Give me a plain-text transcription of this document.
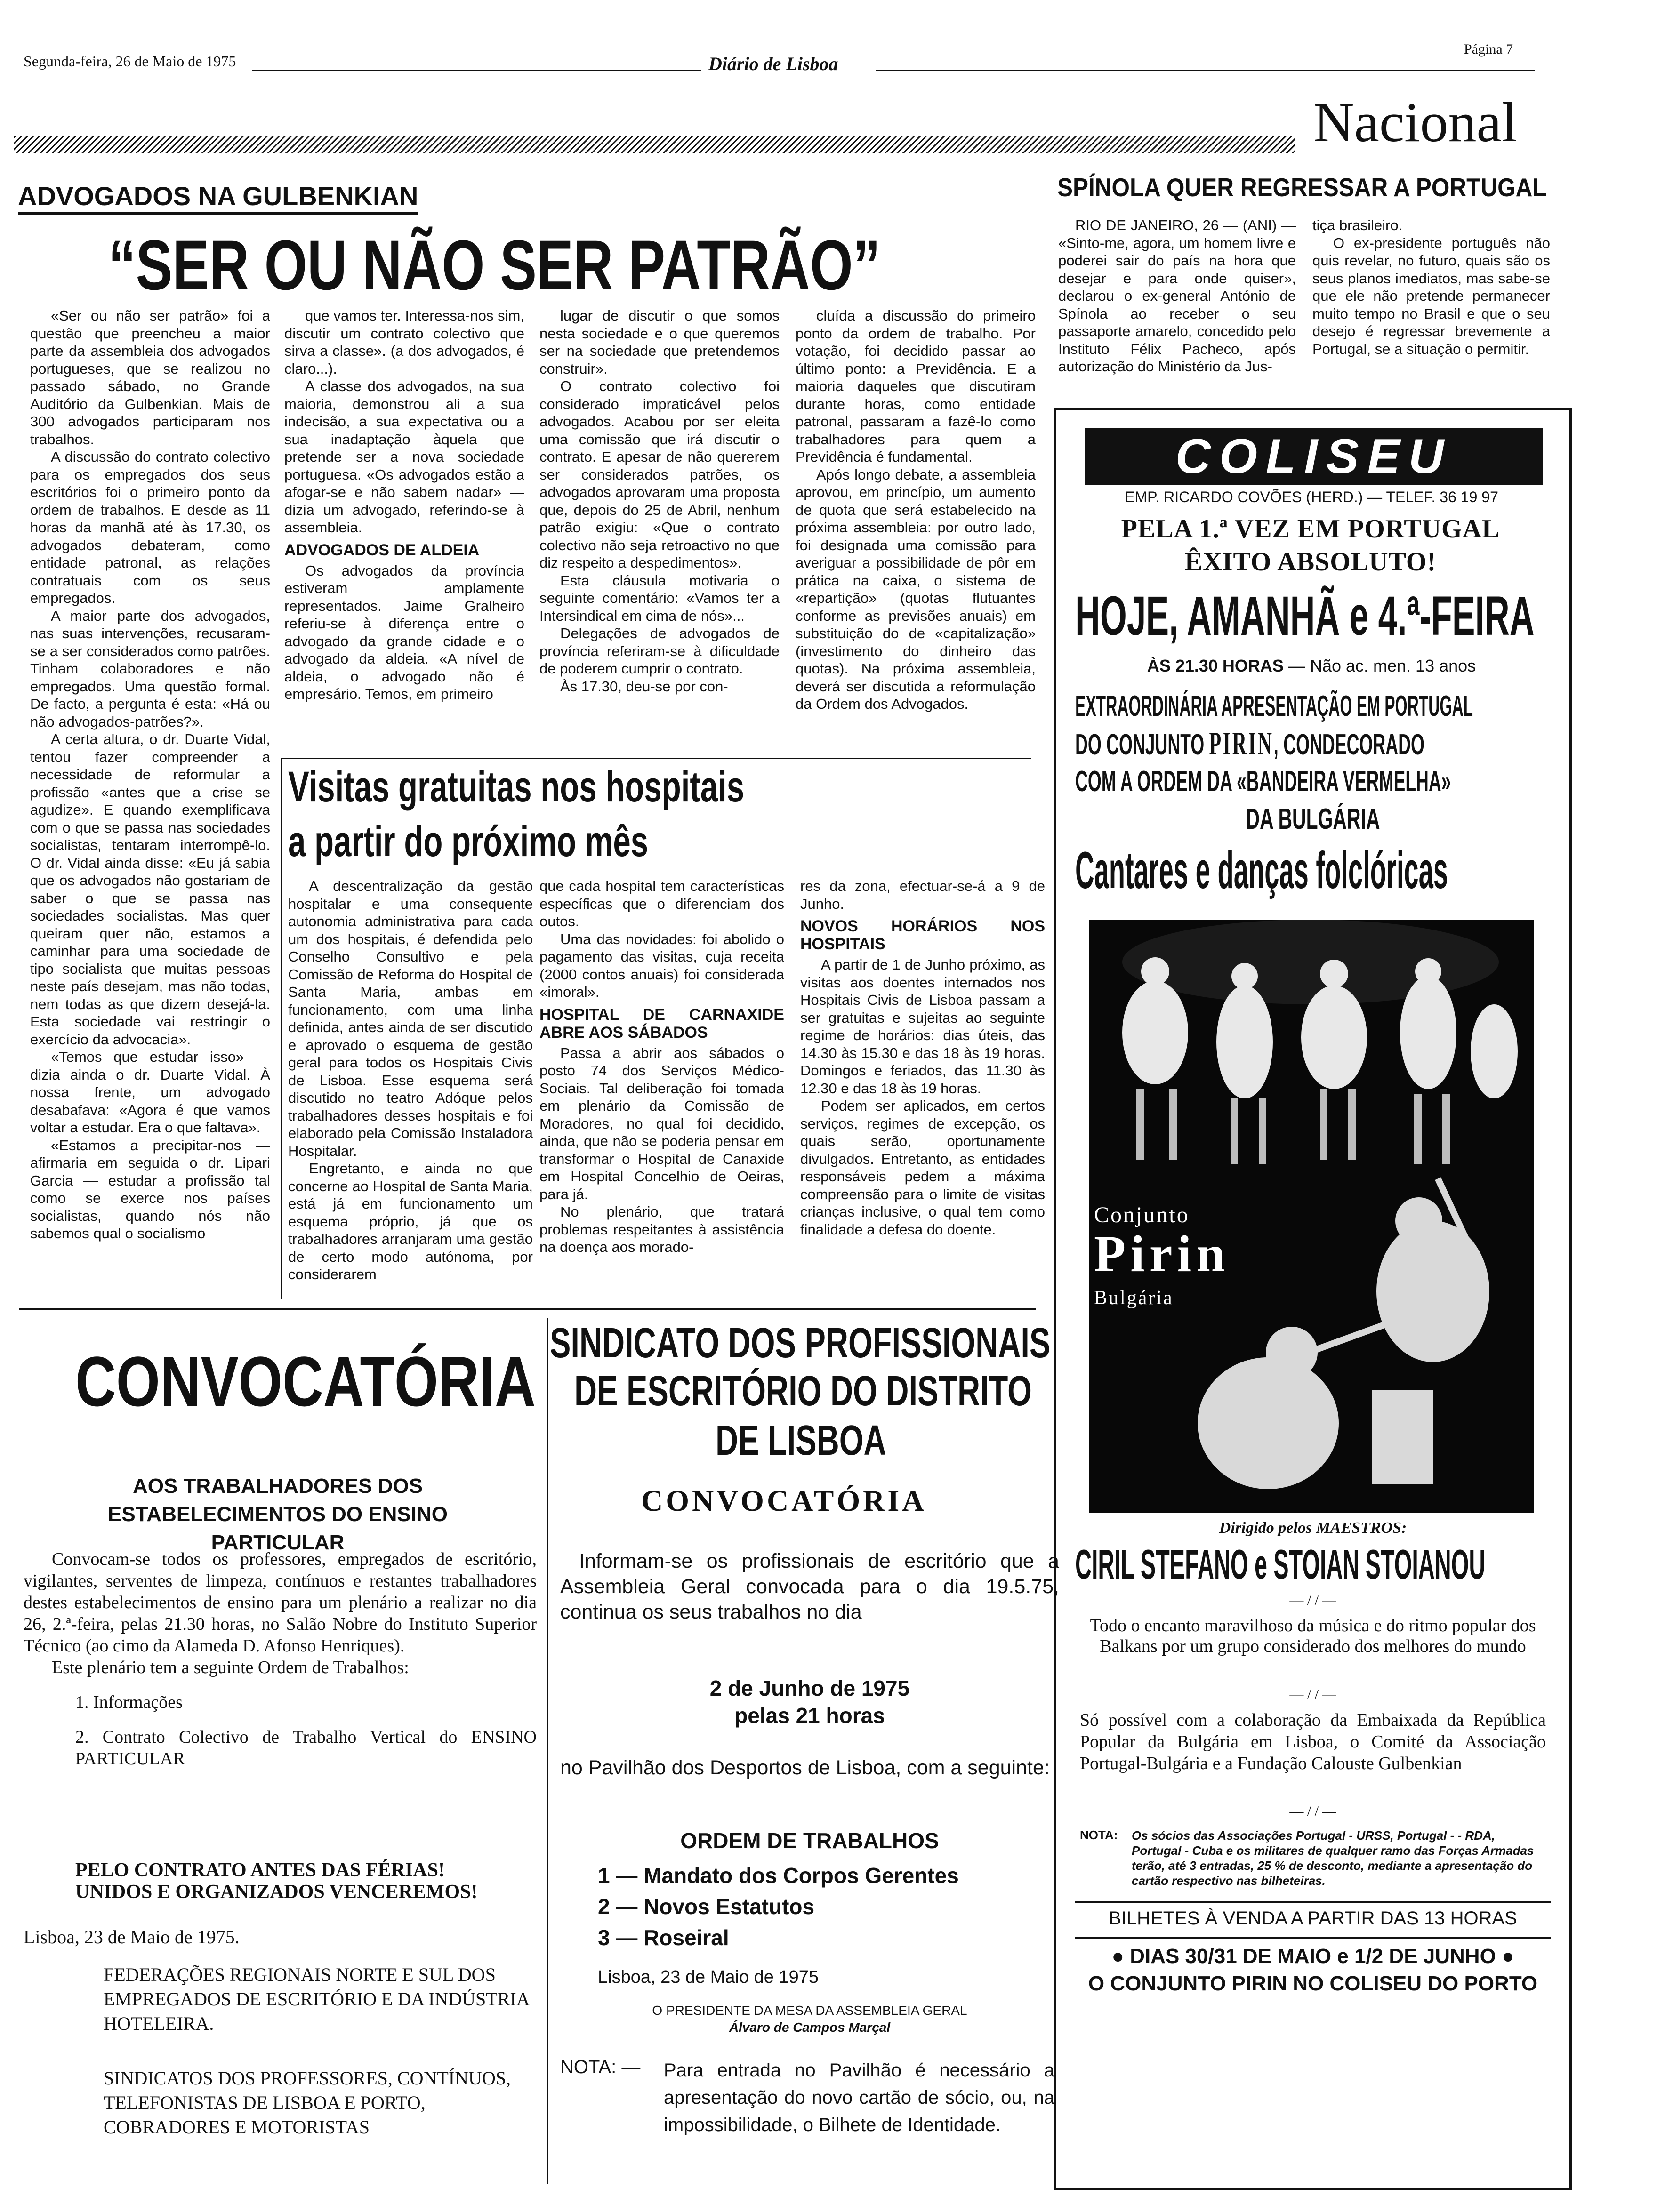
Segunda-feira, 26 de Maio de 1975	Diário de Lisboa
Página 7
Nacional
ADVOGADOS NA GULBENKIAN
“SER OU NÃO SER PATRÃO”

«Ser ou não ser patrão» foi a questão que preencheu a maior parte da assembleia dos advogados portugueses, que se realizou no passado sábado, no Grande Auditório da Gulbenkian. Mais de 300 advogados participaram nos trabalhos.

A discussão do contrato colectivo para os empregados dos seus escritórios foi o primeiro ponto da ordem de trabalhos. E desde as 11 horas da manhã até às 17.30, os advogados debateram, como entidade patronal, as relações contratuais com os seus empregados.

A maior parte dos advogados, nas suas intervenções, recusaram-se a ser considerados como patrões. Tinham colaboradores e não empregados. Uma questão formal. De facto, a pergunta é esta: «Há ou não advogados-patrões?».

A certa altura, o dr. Duarte Vidal, tentou fazer compreender a necessidade de reformular a profissão «antes que a crise se agudize». E quando exemplificava com o que se passa nas sociedades socialistas, tentaram interrompê-lo. O dr. Vidal ainda disse: «Eu já sabia que os advogados não gostariam de saber o que se passa nas sociedades socialistas. Mas quer queiram quer não, estamos a caminhar para uma sociedade de tipo socialista que muitas pessoas neste país desejam, mas não todas, nem todas as que dizem desejá-la. Esta sociedade vai restringir o exercício da advocacia».

«Temos que estudar isso» — dizia ainda o dr. Duarte Vidal. À nossa frente, um advogado desabafava: «Agora é que vamos voltar a estudar. Era o que faltava».

«Estamos a precipitar-nos — afirmaria em seguida o dr. Lipari Garcia — estudar a profissão tal como se exerce nos países socialistas, quando nós não sabemos qual o socialismo

que vamos ter. Interessa-nos sim, discutir um contrato colectivo que sirva a classe». (a dos advogados, é claro...).

A classe dos advogados, na sua maioria, demonstrou ali a sua indecisão, a sua expectativa ou a sua inadaptação àquela que pretende ser a nova sociedade portuguesa. «Os advogados estão a afogar-se e não sabem nadar» — dizia um advogado, referindo-se à assembleia.

ADVOGADOS DE ALDEIA

Os advogados da província estiveram amplamente representados. Jaime Gralheiro referiu-se à diferença entre o advogado da grande cidade e o advogado da aldeia. «A nível de aldeia, o advogado não é empresário. Temos, em primeiro

lugar de discutir o que somos nesta sociedade e o que queremos ser na sociedade que pretendemos construir».

O contrato colectivo foi considerado impraticável pelos advogados. Acabou por ser eleita uma comissão que irá discutir o contrato. E apesar de não quererem ser considerados patrões, os advogados aprovaram uma proposta que, depois do 25 de Abril, nenhum patrão exigiu: «Que o contrato colectivo não seja retroactivo no que diz respeito a despedimentos».

Esta cláusula motivaria o seguinte comentário: «Vamos ter a Intersindical em cima de nós»...

Delegações de advogados de província referiram-se à dificuldade de poderem cumprir o contrato.

Às 17.30, deu-se por con-

cluída a discussão do primeiro ponto da ordem de trabalho. Por votação, foi decidido passar ao último ponto: a Previdência. E a maioria daqueles que discutiram durante horas, como entidade patronal, passaram a fazê-lo como trabalhadores para quem a Previdência é fundamental.

Após longo debate, a assembleia aprovou, em princípio, um aumento de quota que será estabelecido na próxima assembleia: por outro lado, foi designada uma comissão para averiguar a possibilidade de pôr em prática na caixa, o sistema de «repartição» (quotas flutuantes conforme as previsões anuais) em substituição do de «capitalização» (investimento do dinheiro das quotas). Na próxima assembleia, deverá ser discutida a reformulação da Ordem dos Advogados.

SPÍNOLA QUER REGRESSAR A PORTUGAL

RIO DE JANEIRO, 26 — (ANI) — «Sinto-me, agora, um homem livre e poderei sair do país na hora que desejar e para onde quiser», declarou o ex-general António de Spínola ao receber o seu passaporte amarelo, concedido pelo Instituto Félix Pacheco, após autorização do Ministério da Jus-

tiça brasileiro.

O ex-presidente português não quis revelar, no futuro, quais são os seus planos imediatos, mas sabe-se que ele não pretende permanecer muito tempo no Brasil e que o seu desejo é regressar brevemente a Portugal, se a situação o permitir.

Visitas gratuitas nos hospitais
a partir do próximo mês

A descentralização da gestão hospitalar e uma consequente autonomia administrativa para cada um dos hospitais, é defendida pelo Conselho Consultivo e pela Comissão de Reforma do Hospital de Santa Maria, ambas em funcionamento, com uma linha definida, antes ainda de ser discutido e aprovado o esquema de gestão geral para todos os Hospitais Civis de Lisboa. Esse esquema será discutido no teatro Adóque pelos trabalhadores desses hospitais e foi elaborado pela Comissão Instaladora Hospitalar.

Engretanto, e ainda no que concerne ao Hospital de Santa Maria, está já em funcionamento um esquema próprio, já que os trabalhadores arranjaram uma gestão de certo modo autónoma, por considerarem

que cada hospital tem características específicas que o diferenciam dos outos.

Uma das novidades: foi abolido o pagamento das visitas, cuja receita (2000 contos anuais) foi considerada «imoral».

HOSPITAL DE CARNAXIDE ABRE AOS SÁBADOS

Passa a abrir aos sábados o posto 74 dos Serviços Médico-Sociais. Tal deliberação foi tomada em plenário da Comissão de Moradores, no qual foi decidido, ainda, que não se poderia pensar em transformar o Hospital de Canaxide em Hospital Concelhio de Oeiras, para já.

No plenário, que tratará problemas respeitantes à assistência na doença aos morado-

res da zona, efectuar-se-á a 9 de Junho.

NOVOS HORÁRIOS NOS HOSPITAIS

A partir de 1 de Junho próximo, as visitas aos doentes internados nos Hospitais Civis de Lisboa passam a ser gratuitas e sujeitas ao seguinte regime de horários: dias úteis, das 14.30 às 15.30 e das 18 às 19 horas. Domingos e feriados, das 11.30 às 12.30 e das 18 às 19 horas.

Podem ser aplicados, em certos serviços, regimes de excepção, os quais serão, oportunamente divulgados. Entretanto, as entidades responsáveis pedem a máxima compreensão para o limite de visitas crianças inclusive, o qual tem como finalidade a defesa do doente.

CONVOCATÓRIA
AOS TRABALHADORES DOS ESTABELECIMENTOS DO ENSINO PARTICULAR

Convocam-se todos os professores, empregados de escritório, vigilantes, serventes de limpeza, contínuos e restantes trabalhadores destes estabelecimentos de ensino para um plenário a realizar no dia 26, 2.ª-feira, pelas 21.30 horas, no Salão Nobre do Instituto Superior Técnico (ao cimo da Alameda D. Afonso Henriques).

Este plenário tem a seguinte Ordem de Trabalhos:

1. Informações

2. Contrato Colectivo de Trabalho Vertical do ENSINO PARTICULAR

PELO CONTRATO ANTES DAS FÉRIAS!
UNIDOS E ORGANIZADOS VENCEREMOS!
Lisboa, 23 de Maio de 1975.
FEDERAÇÕES REGIONAIS NORTE E SUL DOS EMPREGADOS DE ESCRITÓRIO E DA INDÚSTRIA HOTELEIRA.
SINDICATOS DOS PROFESSORES, CONTÍNUOS, TELEFONISTAS DE LISBOA E PORTO, COBRADORES E MOTORISTAS
SINDICATO DOS PROFISSIONAIS
DE ESCRITÓRIO DO DISTRITO
DE LISBOA
CONVOCATÓRIA
Informam-se os profissionais de escritório que a Assembleia Geral convocada para o dia 19.5.75, continua os seus trabalhos no dia
2 de Junho de 1975
pelas 21 horas
no Pavilhão dos Desportos de Lisboa, com a seguinte:
ORDEM DE TRABALHOS
1 — Mandato dos Corpos Gerentes
2 — Novos Estatutos
3 — Roseiral
Lisboa, 23 de Maio de 1975
O PRESIDENTE DA MESA DA ASSEMBLEIA GERAL
Álvaro de Campos Marçal
NOTA: — Para entrada no Pavilhão é necessário a apresentação do novo cartão de sócio, ou, na impossibilidade, o Bilhete de Identidade.
COLISEU
EMP. RICARDO COVÕES (HERD.) — TELEF. 36 19 97
PELA 1.ª VEZ EM PORTUGAL
ÊXITO ABSOLUTO!
HOJE, AMANHÃ e 4.ª-FEIRA
ÀS 21.30 HORAS — Não ac. men. 13 anos
EXTRAORDINÁRIA APRESENTAÇÃO EM PORTUGAL
DO CONJUNTO PIRIN, CONDECORADO
COM A ORDEM DA «BANDEIRA VERMELHA»
DA BULGÁRIA
Cantares e danças folclóricas
Conjunto
Pirin
Bulgária
Dirigido pelos MAESTROS:
CIRIL STEFANO e STOIAN STOIANOU
— / / —
Todo o encanto maravilhoso da música e do ritmo popular dos Balkans por um grupo considerado dos melhores do mundo
— / / —
Só possível com a colaboração da Embaixada da República Popular da Bulgária em Lisboa, o Comité da Associação Portugal-Bulgária e a Fundação Calouste Gulbenkian
— / / —
NOTA: Os sócios das Associações Portugal - URSS, Portugal - - RDA, Portugal - Cuba e os militares de qualquer ramo das Forças Armadas terão, até 3 entradas, 25 % de desconto, mediante a apresentação do cartão respectivo nas bilheteiras.
BILHETES À VENDA A PARTIR DAS 13 HORAS
● DIAS 30/31 DE MAIO e 1/2 DE JUNHO ●
O CONJUNTO PIRIN NO COLISEU DO PORTO
